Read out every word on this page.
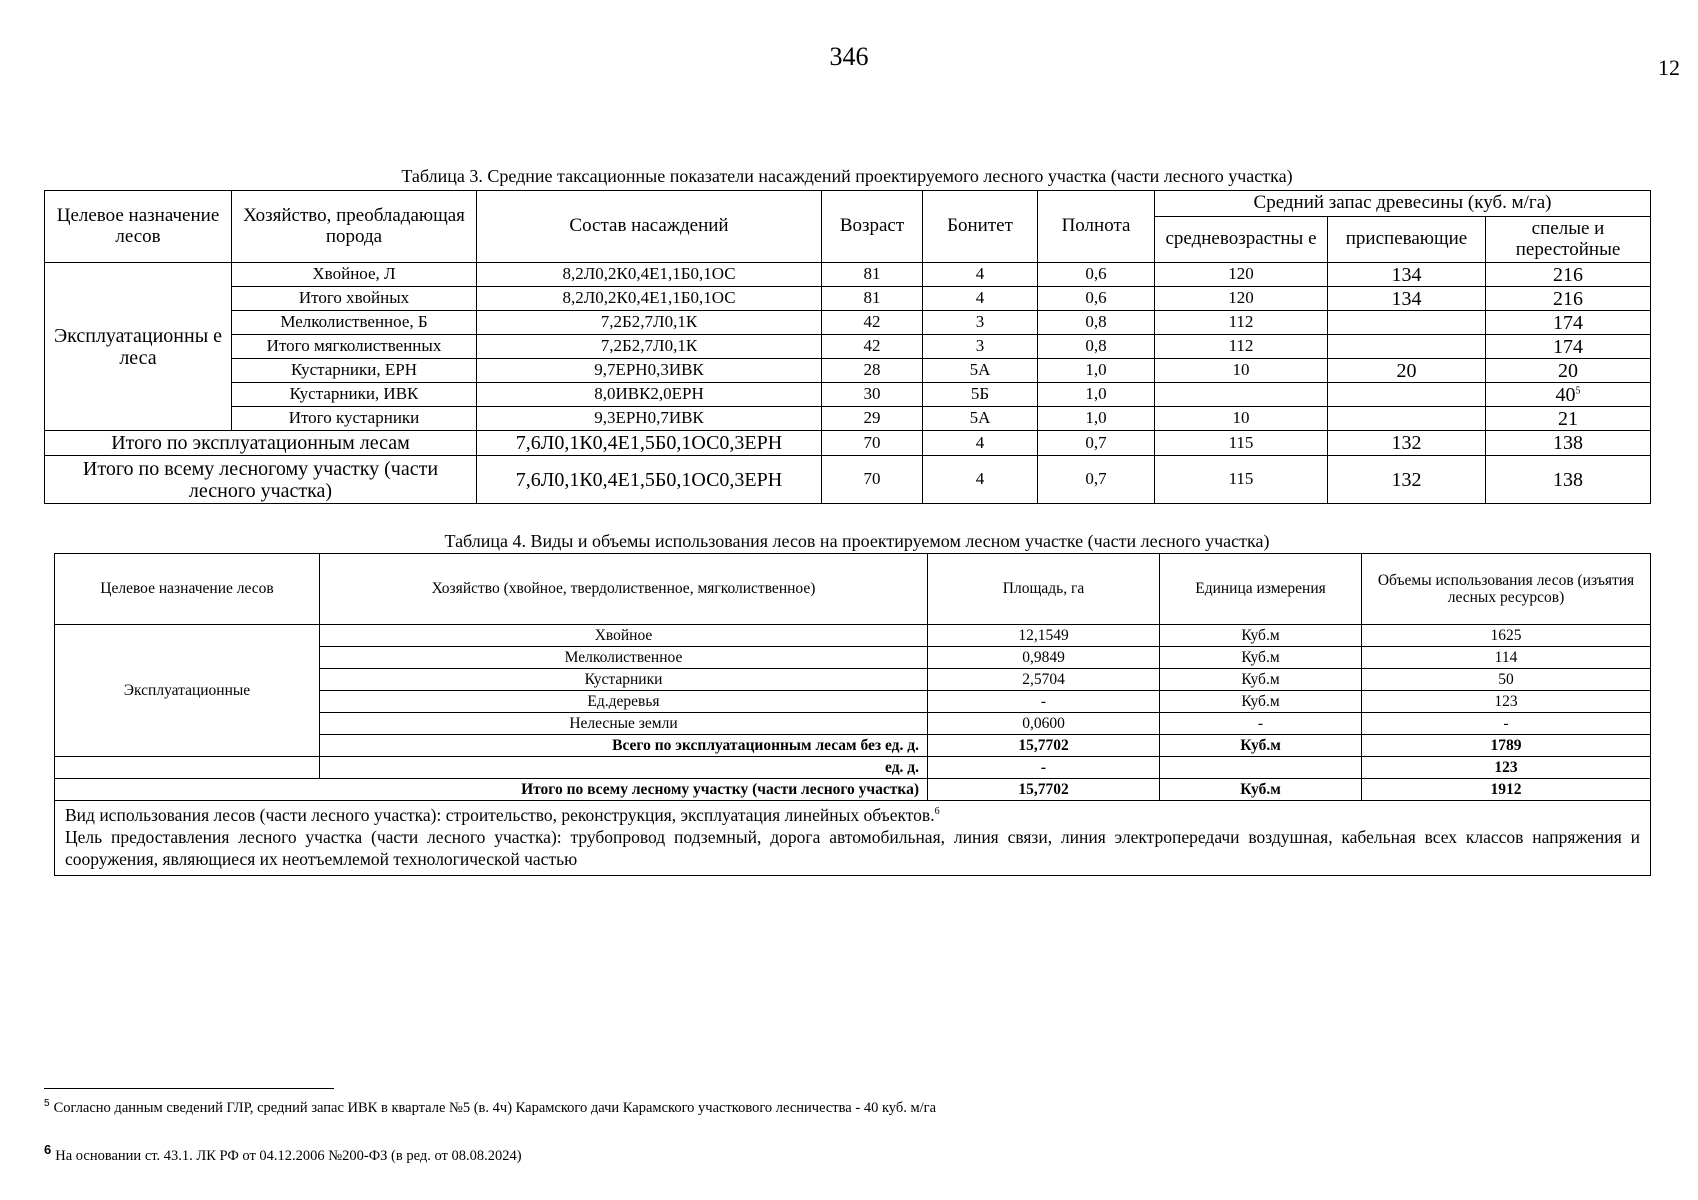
346	12
Таблица 3. Средние таксационные показатели насаждений проектируемого лесного участка (части лесного участка)
Целевое назначение лесов	Хозяйство, преобладающая порода	Состав насаждений	Возраст	Бонитет	Полнота	Средний запас древесины (куб. м/га)		
						средневозрастны е	приспевающие	спелые и перестойные
Эксплуатационны е леса	Хвойное, Л	8,2Л0,2К0,4Е1,1Б0,1ОС	81	4	0,6	120	134	216
	Итого хвойных	8,2Л0,2К0,4Е1,1Б0,1ОС	81	4	0,6	120	134	216
	Мелколиственное, Б	7,2Б2,7Л0,1К	42	3	0,8	112		174
	Итого мягколиственных	7,2Б2,7Л0,1К	42	3	0,8	112		174
	Кустарники, ЕРН	9,7ЕРН0,3ИВК	28	5А	1,0	10	20	20
	Кустарники, ИВК	8,0ИВК2,0ЕРН	30	5Б	1,0			$40^5$
	Итого кустарники	9,3ЕРН0,7ИВК	29	5А	1,0	10		21
Итого по эксплуатационным лесам		7,6Л0,1К0,4Е1,5Б0,1ОС0,3ЕРН	70	4	0,7	115	132	138
Итого по всему лесногому участку (части лесного участка)		7,6Л0,1К0,4Е1,5Б0,1ОС0,3ЕРН	70	4	0,7	115	132	138
Таблица 4. Виды и объемы использования лесов на проектируемом лесном участке (части лесного участка)
Целевое назначение лесов	Хозяйство (хвойное, твердолиственное, мягколиственное)	Площадь, га	Единица измерения	Объемы использования лесов (изъятия лесных ресурсов)
Эксплуатационные	Хвойное	12,1549	Куб.м	1625
	Мелколиственное	0,9849	Куб.м	114
	Кустарники	2,5704	Куб.м	50
	Ед.деревья	-	Куб.м	123
	Нелесные земли	0,0600	-	-
	Всего по эксплуатационным лесам без ед. д.	15,7702	Куб.м	1789
	ед. д.	-		123
Итого по всему лесному участку (части лесного участка)		15,7702	Куб.м	1912

Вид использования лесов (части лесного участка): строительство, реконструкция, эксплуатация линейных объектов.$^6$
Цель предоставления лесного участка (части лесного участка): трубопровод подземный, дорога автомобильная, линия связи, линия электропередачи воздушная, кабельная всех классов напряжения и сооружения, являющиеся их неотъемлемой технологической частью				
$^5$ Согласно данным сведений ГЛР, средний запас ИВК в квартале №5 (в. 4ч) Карамского дачи Карамского участкового лесничества - 40 куб. м/га
6 На основании ст. 43.1. ЛК РФ от 04.12.2006 №200-ФЗ (в ред. от 08.08.2024)
